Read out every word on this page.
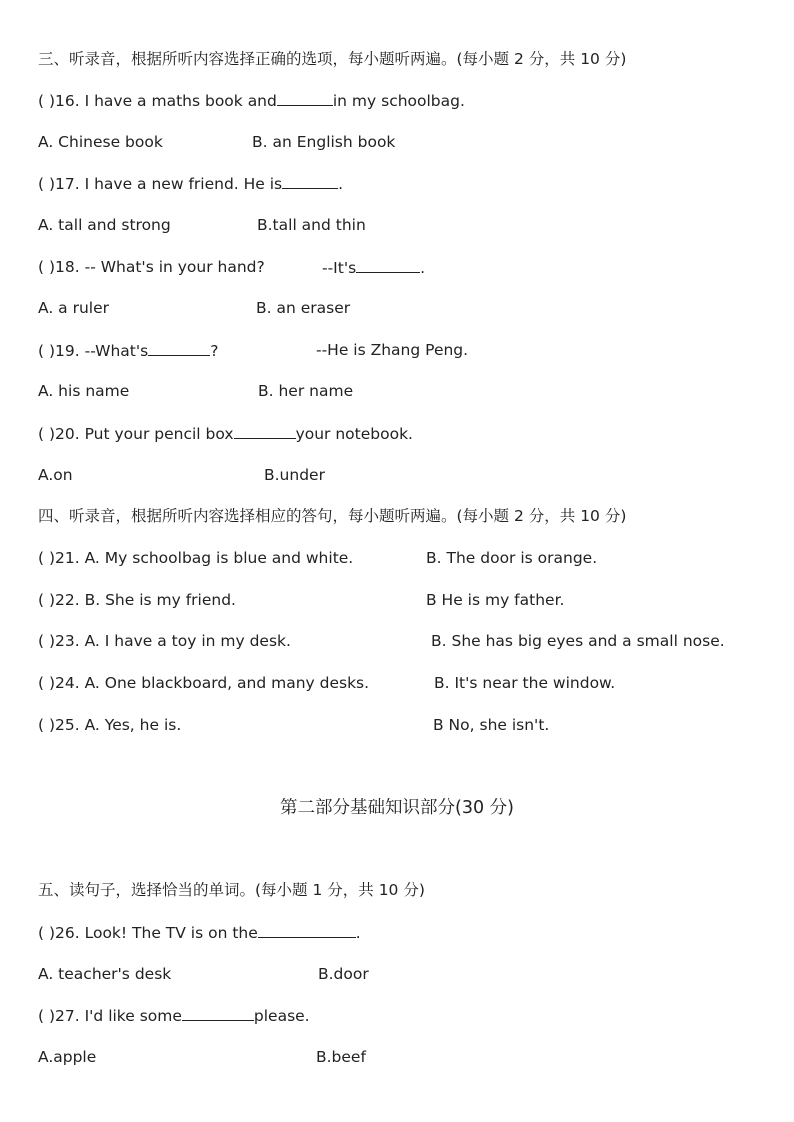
三、听录音，根据所听内容选择正确的选项，每小题听两遍。(每小题 2 分，共 10 分)
( )16. I have a maths book and	in my schoolbag.
A. Chinese book	B. an English book
( )17. I have a new friend. He is	.
A. tall and strong	B.tall and thin
( )18. -- What's in your hand?	--It's	.
A. a ruler	B. an eraser
( )19. --What's	?	--He is Zhang Peng.
A. his name	B. her name
( )20. Put your pencil box	your notebook.
A.on	B.under
四、听录音，根据所听内容选择相应的答句，每小题听两遍。(每小题 2 分，共 10 分)
( )21. A. My schoolbag is blue and white.	B. The door is orange.
( )22. B. She is my friend.	B He is my father.
( )23. A. I have a toy in my desk.	B. She has big eyes and a small nose.
( )24. A. One blackboard, and many desks.	B. It's near the window.
( )25. A. Yes, he is.	B No, she isn't.
第二部分基础知识部分(30 分)
五、读句子，选择恰当的单词。(每小题 1 分，共 10 分)
( )26. Look! The TV is on the	.
A. teacher's desk	B.door
( )27. I'd like some	please.
A.apple	B.beef
